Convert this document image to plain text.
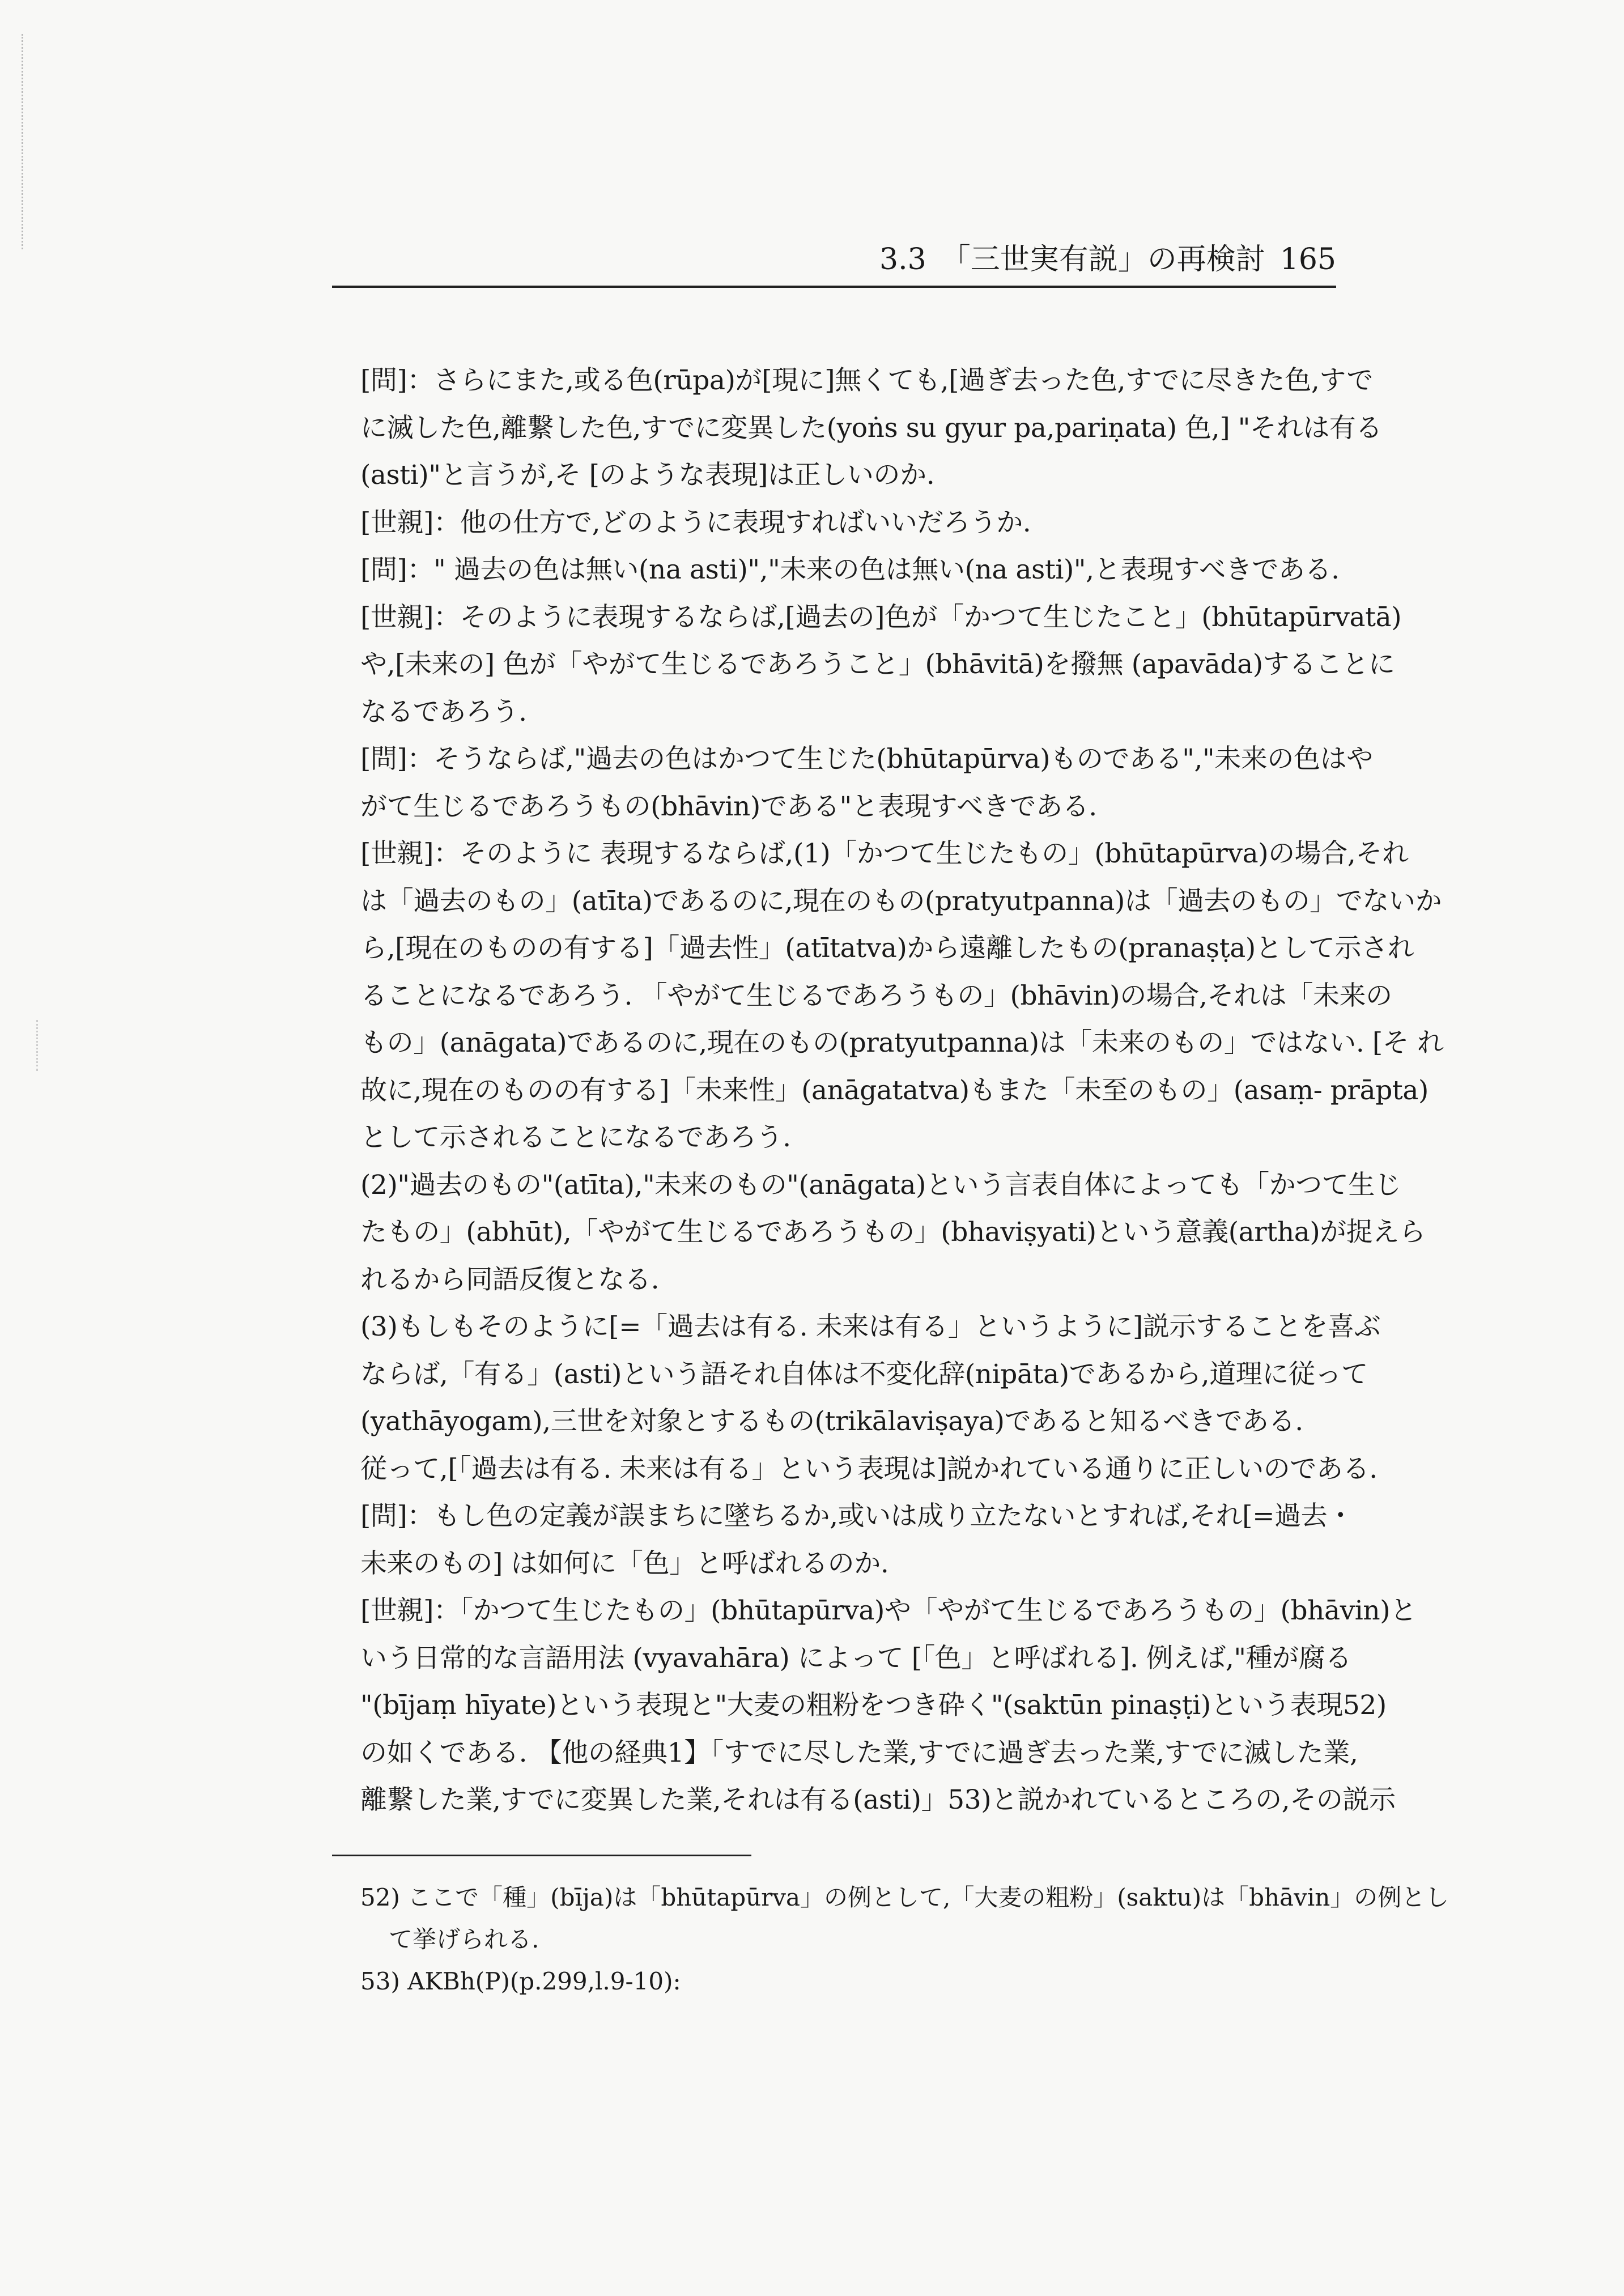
3.3 「三世実有説」の再検討 165
[問]：さらにまた,或る色(rūpa)が[現に]無くても,[過ぎ去った色,すでに尽きた色,すで
に滅した色,離繋した色,すでに変異した(yoṅs su gyur pa,pariṇata) 色,] "それは有る
(asti)"と言うが,そ [のような表現]は正しいのか.
[世親]：他の仕方で,どのように表現すればいいだろうか.
[問]：" 過去の色は無い(na asti)","未来の色は無い(na asti)",と表現すべきである.
[世親]：そのように表現するならば,[過去の]色が「かつて生じたこと」(bhūtapūrvatā)
や,[未来の] 色が「やがて生じるであろうこと」(bhāvitā)を撥無 (apavāda)することに
なるであろう.
[問]：そうならば,"過去の色はかつて生じた(bhūtapūrva)ものである","未来の色はや
がて生じるであろうもの(bhāvin)である"と表現すべきである.
[世親]：そのように 表現するならば,(1)「かつて生じたもの」(bhūtapūrva)の場合,それ
は「過去のもの」(atīta)であるのに,現在のもの(pratyutpanna)は「過去のもの」でないか
ら,[現在のものの有する]「過去性」(atītatva)から遠離したもの(pranaṣṭa)として示され
ることになるであろう. 「やがて生じるであろうもの」(bhāvin)の場合,それは「未来の
もの」(anāgata)であるのに,現在のもの(pratyutpanna)は「未来のもの」ではない. [そ れ
故に,現在のものの有する]「未来性」(anāgatatva)もまた「未至のもの」(asaṃ- prāpta)
として示されることになるであろう.
(2)"過去のもの"(atīta),"未来のもの"(anāgata)という言表自体によっても「かつて生じ
たもの」(abhūt),「やがて生じるであろうもの」(bhaviṣyati)という意義(artha)が捉えら
れるから同語反復となる.
(3)もしもそのように[=「過去は有る. 未来は有る」というように]説示することを喜ぶ
ならば,「有る」(asti)という語それ自体は不変化辞(nipāta)であるから,道理に従って
(yathāyogam),三世を対象とするもの(trikālaviṣaya)であると知るべきである.
従って,[「過去は有る. 未来は有る」という表現は]説かれている通りに正しいのである.
[問]：もし色の定義が誤まちに墜ちるか,或いは成り立たないとすれば,それ[=過去・
未来のもの] は如何に「色」と呼ばれるのか.
[世親]：「かつて生じたもの」(bhūtapūrva)や「やがて生じるであろうもの」(bhāvin)と
いう日常的な言語用法 (vyavahāra) によって [「色」と呼ばれる]. 例えば,"種が腐る
"(bījaṃ hīyate)という表現と"大麦の粗粉をつき砕く"(saktūn pinaṣṭi)という表現52)
の如くである. 【他の経典1】「すでに尽した業,すでに過ぎ去った業,すでに滅した業,
離繋した業,すでに変異した業,それは有る(asti)」53)と説かれているところの,その説示
52) ここで「種」(bīja)は「bhūtapūrva」の例として,「大麦の粗粉」(saktu)は「bhāvin」の例とし
て挙げられる.
53) AKBh(P)(p.299,l.9-10):
